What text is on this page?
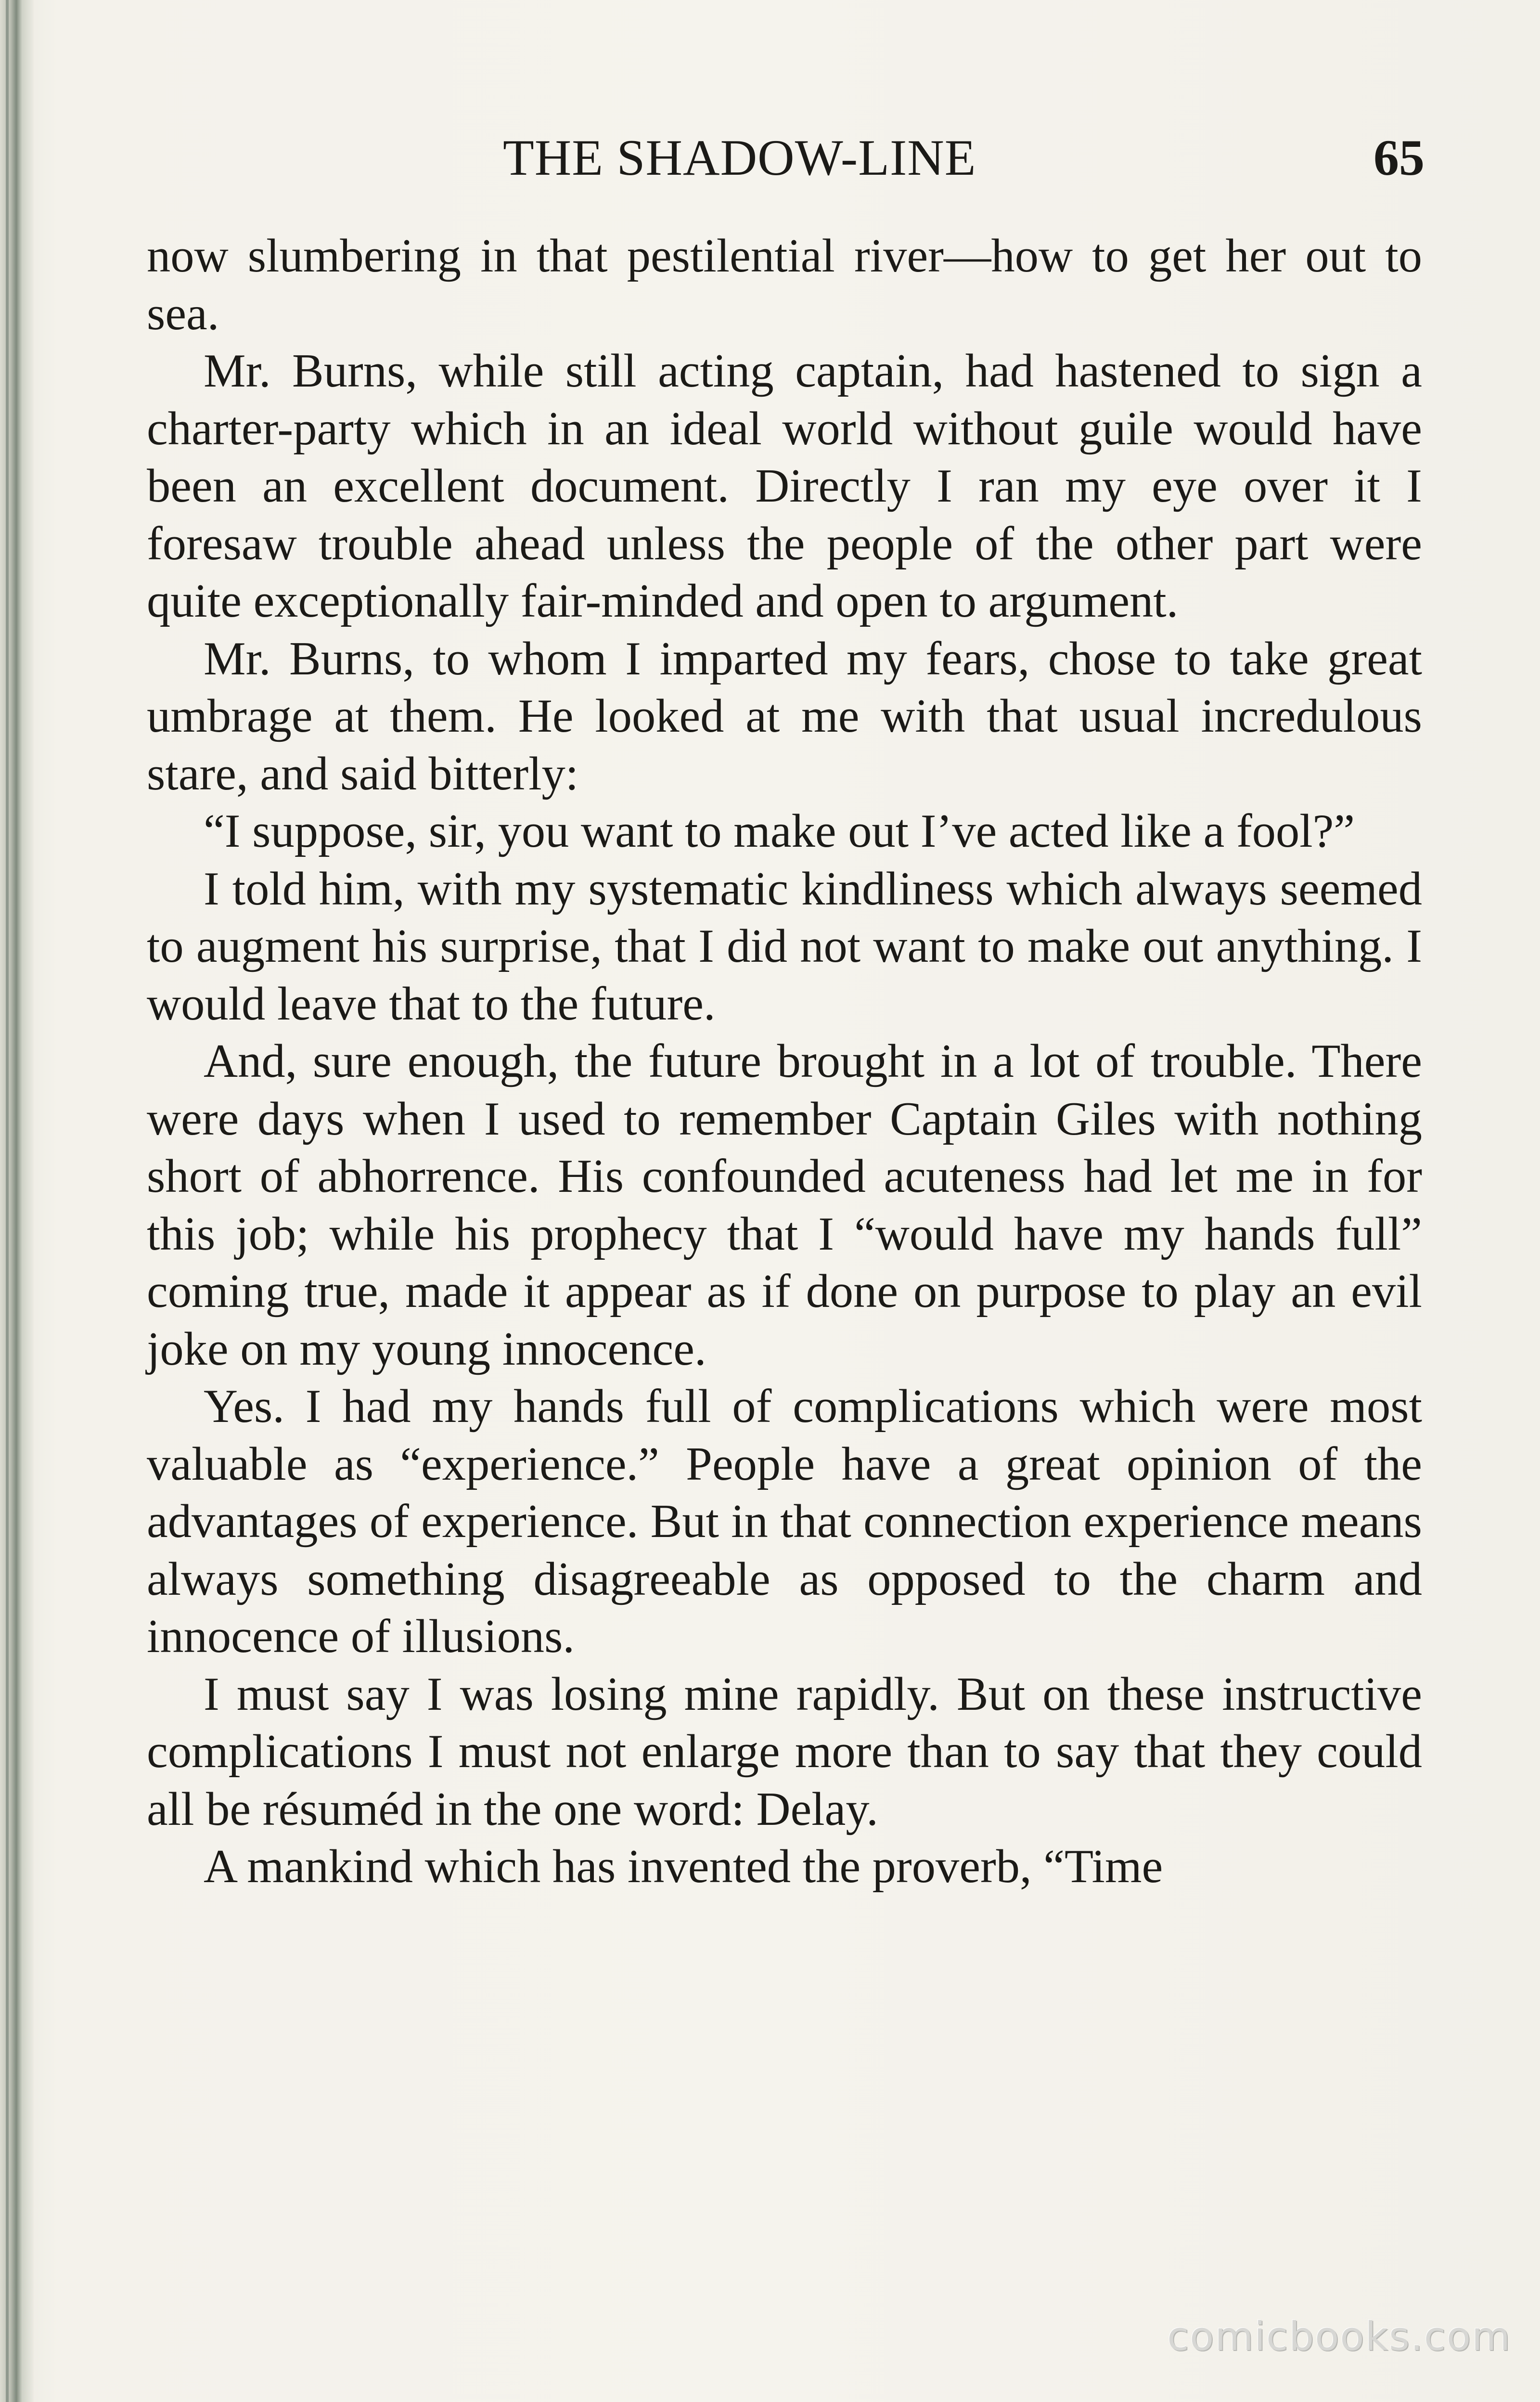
THE SHADOW-LINE	65

now slumbering in that pestilential river—how to get her out to sea.

Mr. Burns, while still acting captain, had hastened to sign a charter-party which in an ideal world without guile would have been an excellent document. Directly I ran my eye over it I foresaw trouble ahead unless the people of the other part were quite exceptionally fair-minded and open to argument.

Mr. Burns, to whom I imparted my fears, chose to take great umbrage at them. He looked at me with that usual incredulous stare, and said bitterly:

“I suppose, sir, you want to make out I’ve acted like a fool?”

I told him, with my systematic kindliness which always seemed to augment his surprise, that I did not want to make out anything. I would leave that to the future.

And, sure enough, the future brought in a lot of trouble. There were days when I used to remember Captain Giles with nothing short of abhorrence. His confounded acuteness had let me in for this job; while his prophecy that I “would have my hands full” coming true, made it appear as if done on purpose to play an evil joke on my young innocence.

Yes. I had my hands full of complications which were most valuable as “experience.” People have a great opinion of the advantages of experience. But in that connection experience means always something disagreeable as opposed to the charm and innocence of illusions.

I must say I was losing mine rapidly. But on these instructive complications I must not enlarge more than to say that they could all be résuméd in the one word: Delay.

A mankind which has invented the proverb, “Time

comicbooks.com
